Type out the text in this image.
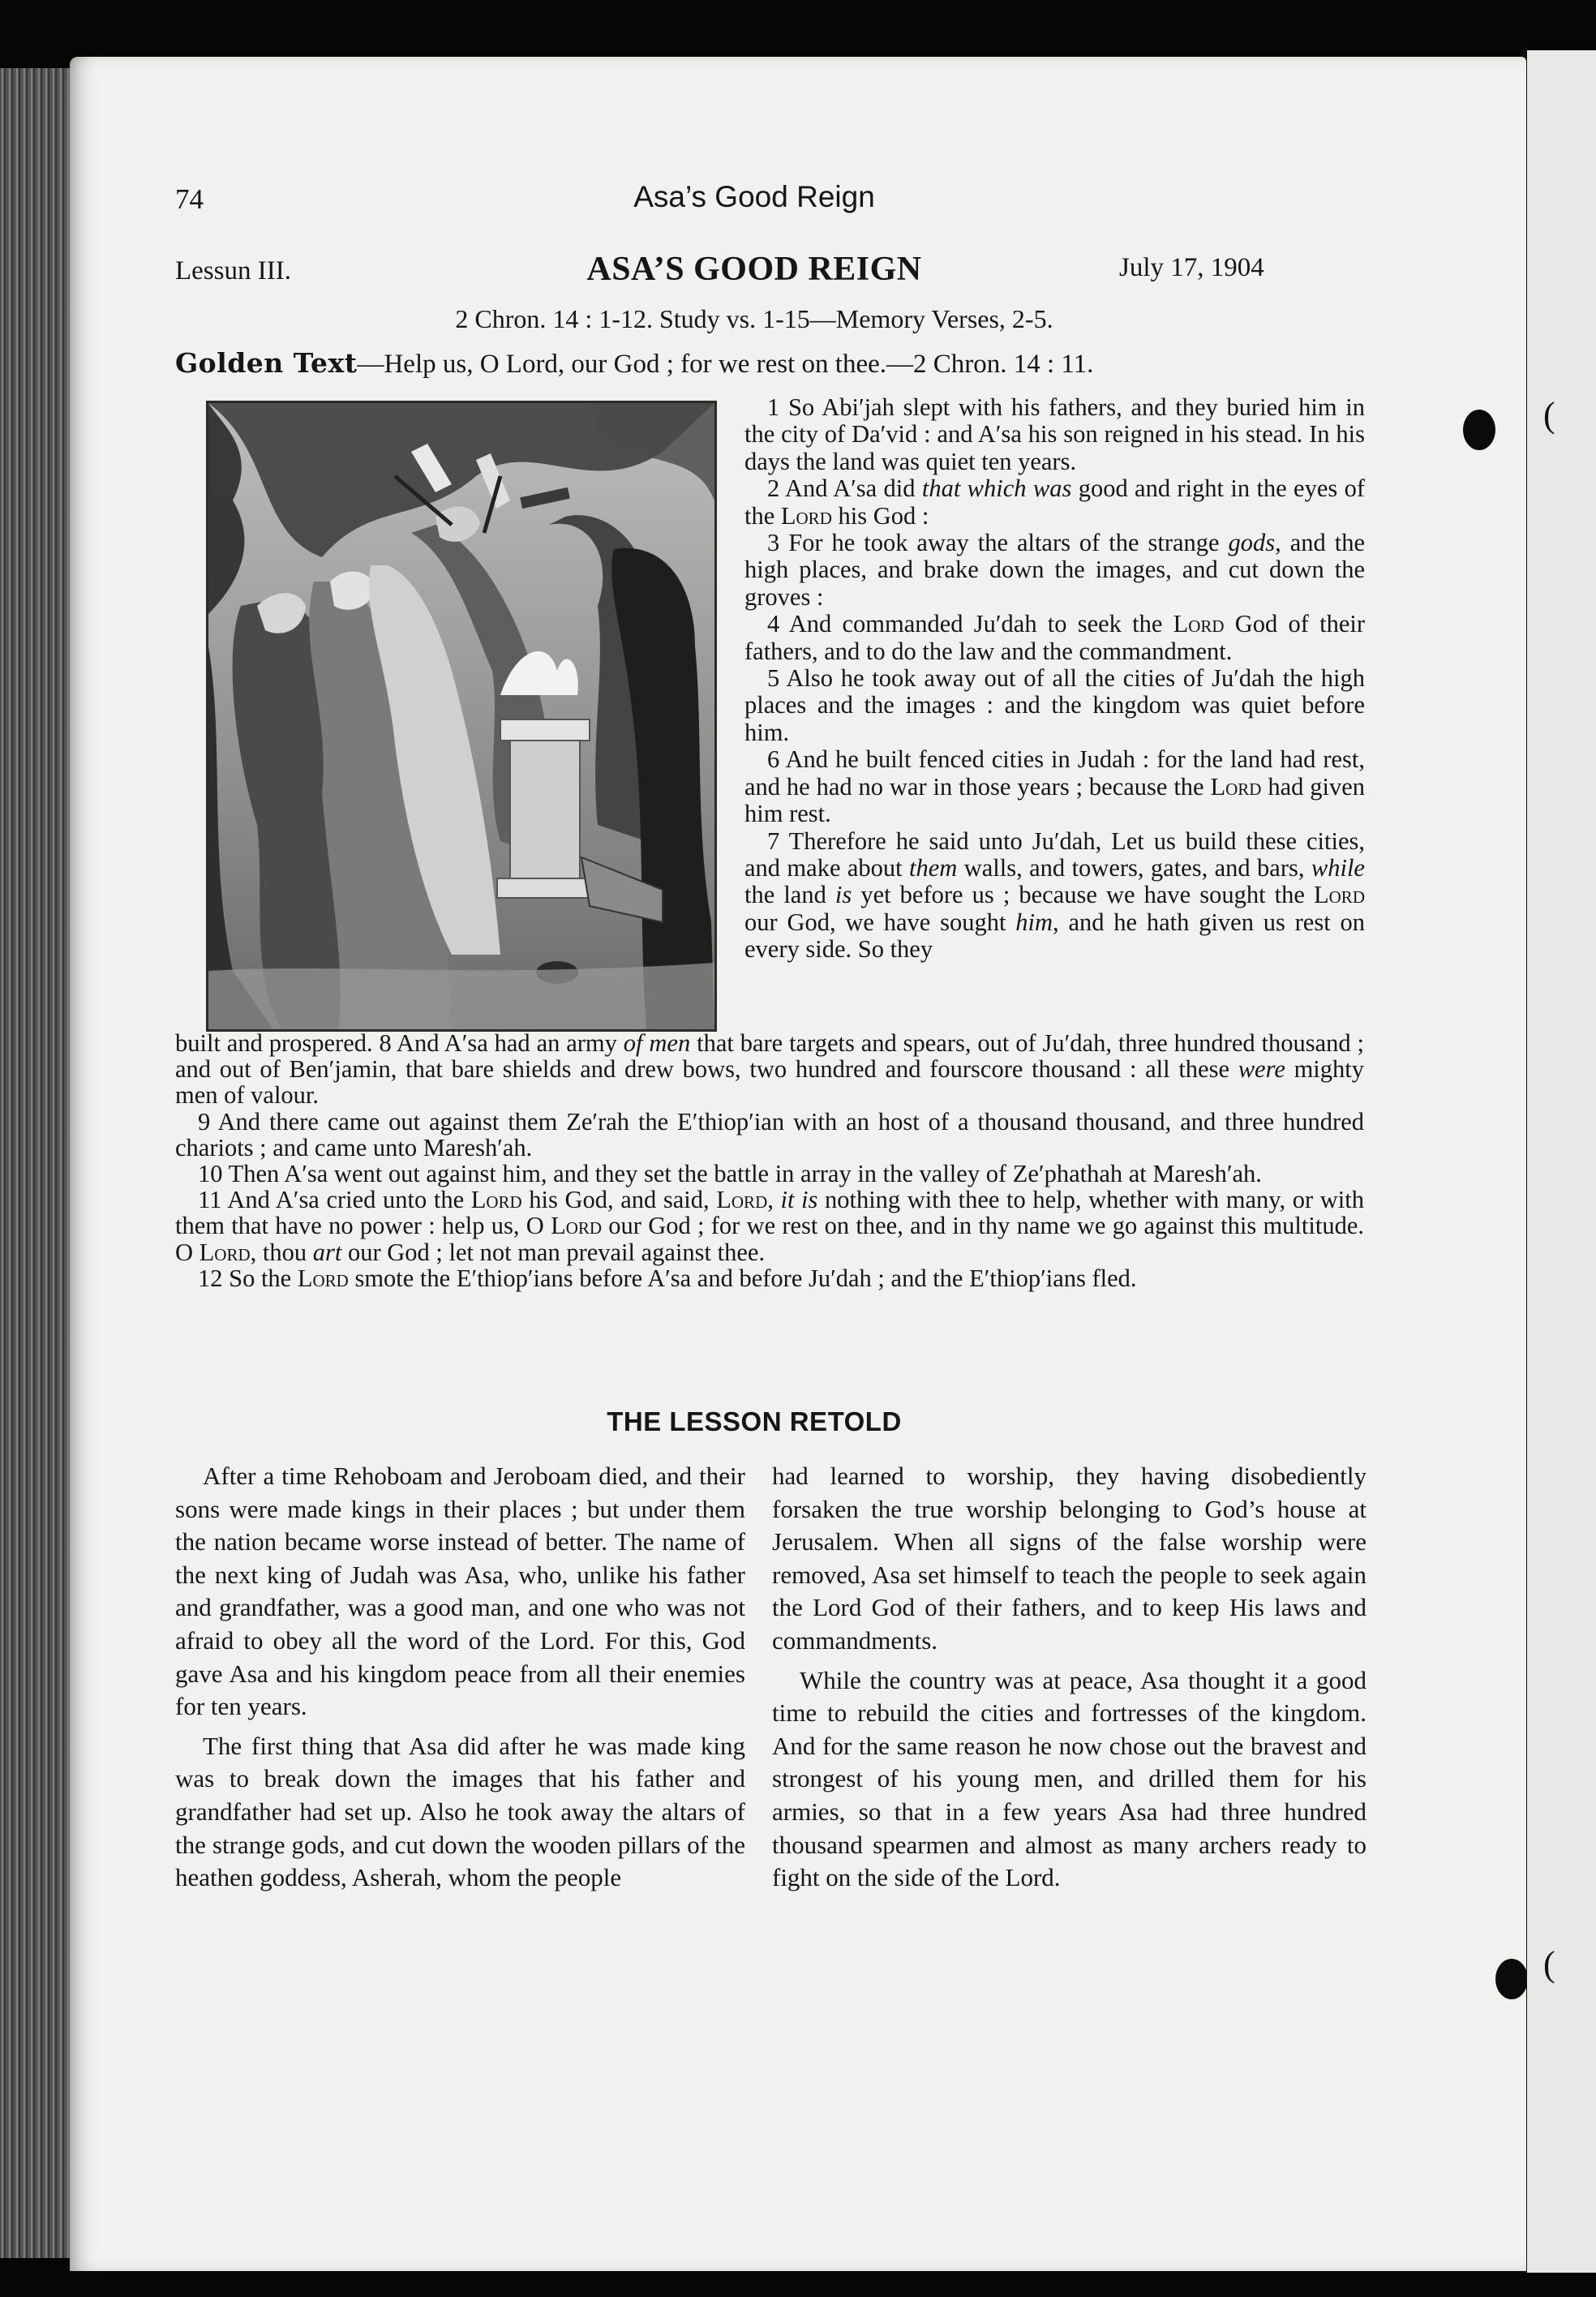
(
(
74	Asa’s Good Reign
Lessun III.	ASA’S GOOD REIGN	July 17, 1904
2 Chron. 14 : 1-12. Study vs. 1-15—Memory Verses, 2-5.
Golden Text—Help us, O Lord, our God ; for we rest on thee.—2 Chron. 14 : 11.

1 So Abi′jah slept with his fathers, and they buried him in the city of Da′vid : and A′sa his son reigned in his stead. In his days the land was quiet ten years.

2 And A′sa did that which was good and right in the eyes of the Lord his God :

3 For he took away the altars of the strange gods, and the high places, and brake down the images, and cut down the groves :

4 And commanded Ju′dah to seek the Lord God of their fathers, and to do the law and the commandment.

5 Also he took away out of all the cities of Ju′dah the high places and the images : and the kingdom was quiet before him.

6 And he built fenced cities in Judah : for the land had rest, and he had no war in those years ; because the Lord had given him rest.

7 Therefore he said unto Ju′dah, Let us build these cities, and make about them walls, and towers, gates, and bars, while the land is yet before us ; because we have sought the Lord our God, we have sought him, and he hath given us rest on every side. So they

built and prospered. 8 And A′sa had an army of men that bare targets and spears, out of Ju′dah, three hundred thousand ; and out of Ben′jamin, that bare shields and drew bows, two hundred and fourscore thousand : all these were mighty men of valour.

9 And there came out against them Ze′rah the E′thiop′ian with an host of a thousand thousand, and three hundred chariots ; and came unto Maresh′ah.

10 Then A′sa went out against him, and they set the battle in array in the valley of Ze′phathah at Maresh′ah.

11 And A′sa cried unto the Lord his God, and said, Lord, it is nothing with thee to help, whether with many, or with them that have no power : help us, O Lord our God ; for we rest on thee, and in thy name we go against this multitude. O Lord, thou art our God ; let not man prevail against thee.

12 So the Lord smote the E′thiop′ians before A′sa and before Ju′dah ; and the E′thiop′ians fled.

THE LESSON RETOLD

After a time Rehoboam and Jeroboam died, and their sons were made kings in their places ; but under them the nation became worse instead of better. The name of the next king of Judah was Asa, who, unlike his father and grandfather, was a good man, and one who was not afraid to obey all the word of the Lord. For this, God gave Asa and his kingdom peace from all their enemies for ten years.

The first thing that Asa did after he was made king was to break down the images that his father and grandfather had set up. Also he took away the altars of the strange gods, and cut down the wooden pillars of the heathen goddess, Asherah, whom the people

had learned to worship, they having disobediently forsaken the true worship belonging to God’s house at Jerusalem. When all signs of the false worship were removed, Asa set himself to teach the people to seek again the Lord God of their fathers, and to keep His laws and commandments.

While the country was at peace, Asa thought it a good time to rebuild the cities and fortresses of the kingdom. And for the same reason he now chose out the bravest and strongest of his young men, and drilled them for his armies, so that in a few years Asa had three hundred thousand spearmen and almost as many archers ready to fight on the side of the Lord.
